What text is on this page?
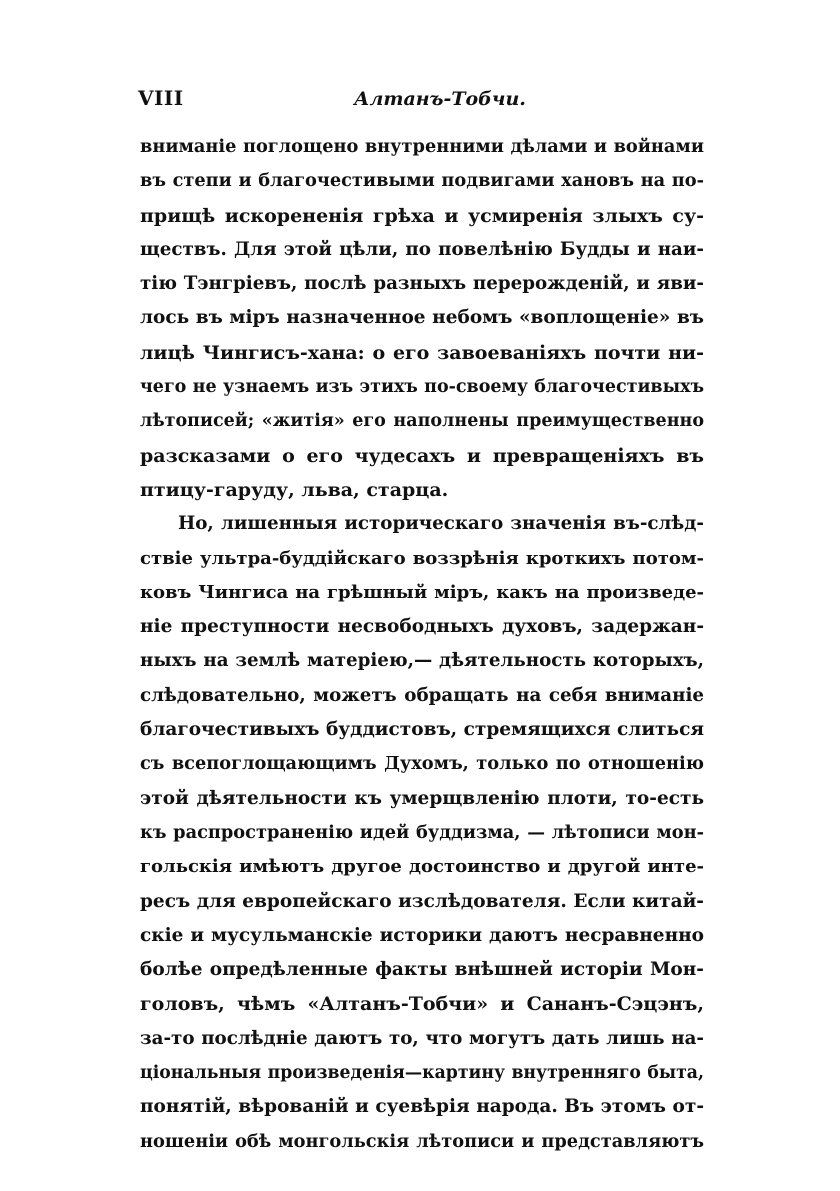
VIII	Алтанъ-Тобчи.
вниманіе поглощено внутренними дѣлами и войнами
въ степи и благочестивыми подвигами хановъ на по-
прищѣ искорененія грѣха и усмиренія злыхъ су-
ществъ. Для этой цѣли, по повелѣнію Будды и наи-
тію Тэнгріевъ, послѣ разныхъ перерожденій, и яви-
лось въ міръ назначенное небомъ «воплощеніе» въ
лицѣ Чингисъ-хана: о его завоеваніяхъ почти ни-
чего не узнаемъ изъ этихъ по-своему благочестивыхъ
лѣтописей; «житія» его наполнены преимущественно
разсказами о его чудесахъ и превращеніяхъ въ
птицу-гаруду, льва, старца.
Но, лишенныя историческаго значенія въ-слѣд-
ствіе ультра-буддійскаго воззрѣнія кроткихъ потом-
ковъ Чингиса на грѣшный міръ, какъ на произведе-
ніе преступности несвободныхъ духовъ, задержан-
ныхъ на землѣ матеріею,— дѣятельность которыхъ,
слѣдовательно, можетъ обращать на себя вниманіе
благочестивыхъ буддистовъ, стремящихся слиться
съ всепоглощающимъ Духомъ, только по отношенію
этой дѣятельности къ умерщвленію плоти, то-есть
къ распространенію идей буддизма, — лѣтописи мон-
гольскія имѣютъ другое достоинство и другой инте-
ресъ для европейскаго изслѣдователя. Если китай-
скіе и мусульманскіе историки даютъ несравненно
болѣе опредѣленные факты внѣшней исторіи Мон-
головъ, чѣмъ «Алтанъ-Тобчи» и Cананъ-Сэцэнъ,
за-то послѣдніе даютъ то, что могутъ дать лишь на-
ціональныя произведенія—картину внутренняго быта,
понятій, вѣрованій и суевѣрія народа. Въ этомъ от-
ношеніи обѣ монгольскія лѣтописи и представляютъ
